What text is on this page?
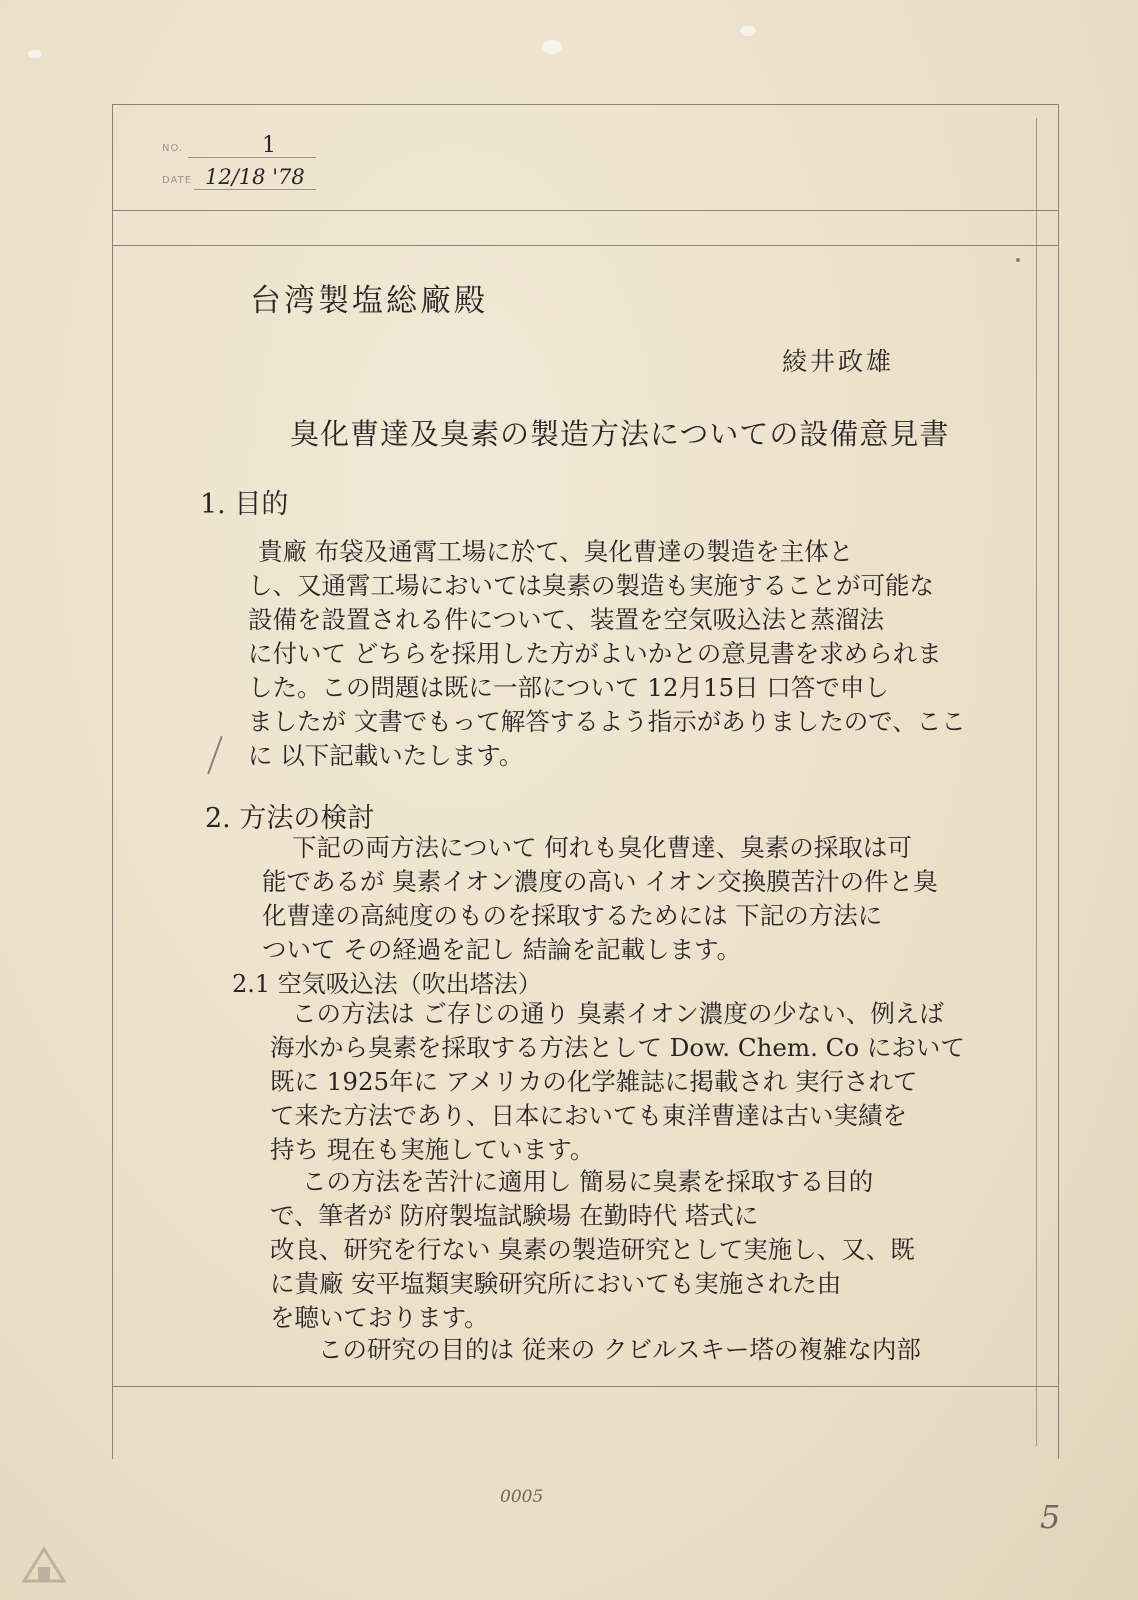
NO.	1
DATE 12/18 '78
台湾製塩総廠殿
綾井政雄
臭化曹達及臭素の製造方法についての設備意見書
1. 目的
貴廠 布袋及通霄工場に於て、臭化曹達の製造を主体と
し、又通霄工場においては臭素の製造も実施することが可能な
設備を設置される件について、装置を空気吸込法と蒸溜法
に付いて どちらを採用した方がよいかとの意見書を求められま
した。この問題は既に一部について 12月15日 口答で申し
ましたが 文書でもって解答するよう指示がありましたので、ここ
に 以下記載いたします。
2. 方法の検討
下記の両方法について 何れも臭化曹達、臭素の採取は可
能であるが 臭素イオン濃度の高い イオン交換膜苦汁の件と臭
化曹達の高純度のものを採取するためには 下記の方法に
ついて その経過を記し 結論を記載します。
2.1 空気吸込法（吹出塔法）
この方法は ご存じの通り 臭素イオン濃度の少ない、例えば
海水から臭素を採取する方法として Dow. Chem. Co において
既に 1925年に アメリカの化学雑誌に掲載され 実行されて
て来た方法であり、日本においても東洋曹達は古い実績を
持ち 現在も実施しています。
この方法を苦汁に適用し 簡易に臭素を採取する目的
で、筆者が 防府製塩試験場 在勤時代 塔式に
改良、研究を行ない 臭素の製造研究として実施し、又、既
に貴廠 安平塩類実験研究所においても実施された由
を聴いております。
この研究の目的は 従来の クビルスキー塔の複雑な内部
0005
5
